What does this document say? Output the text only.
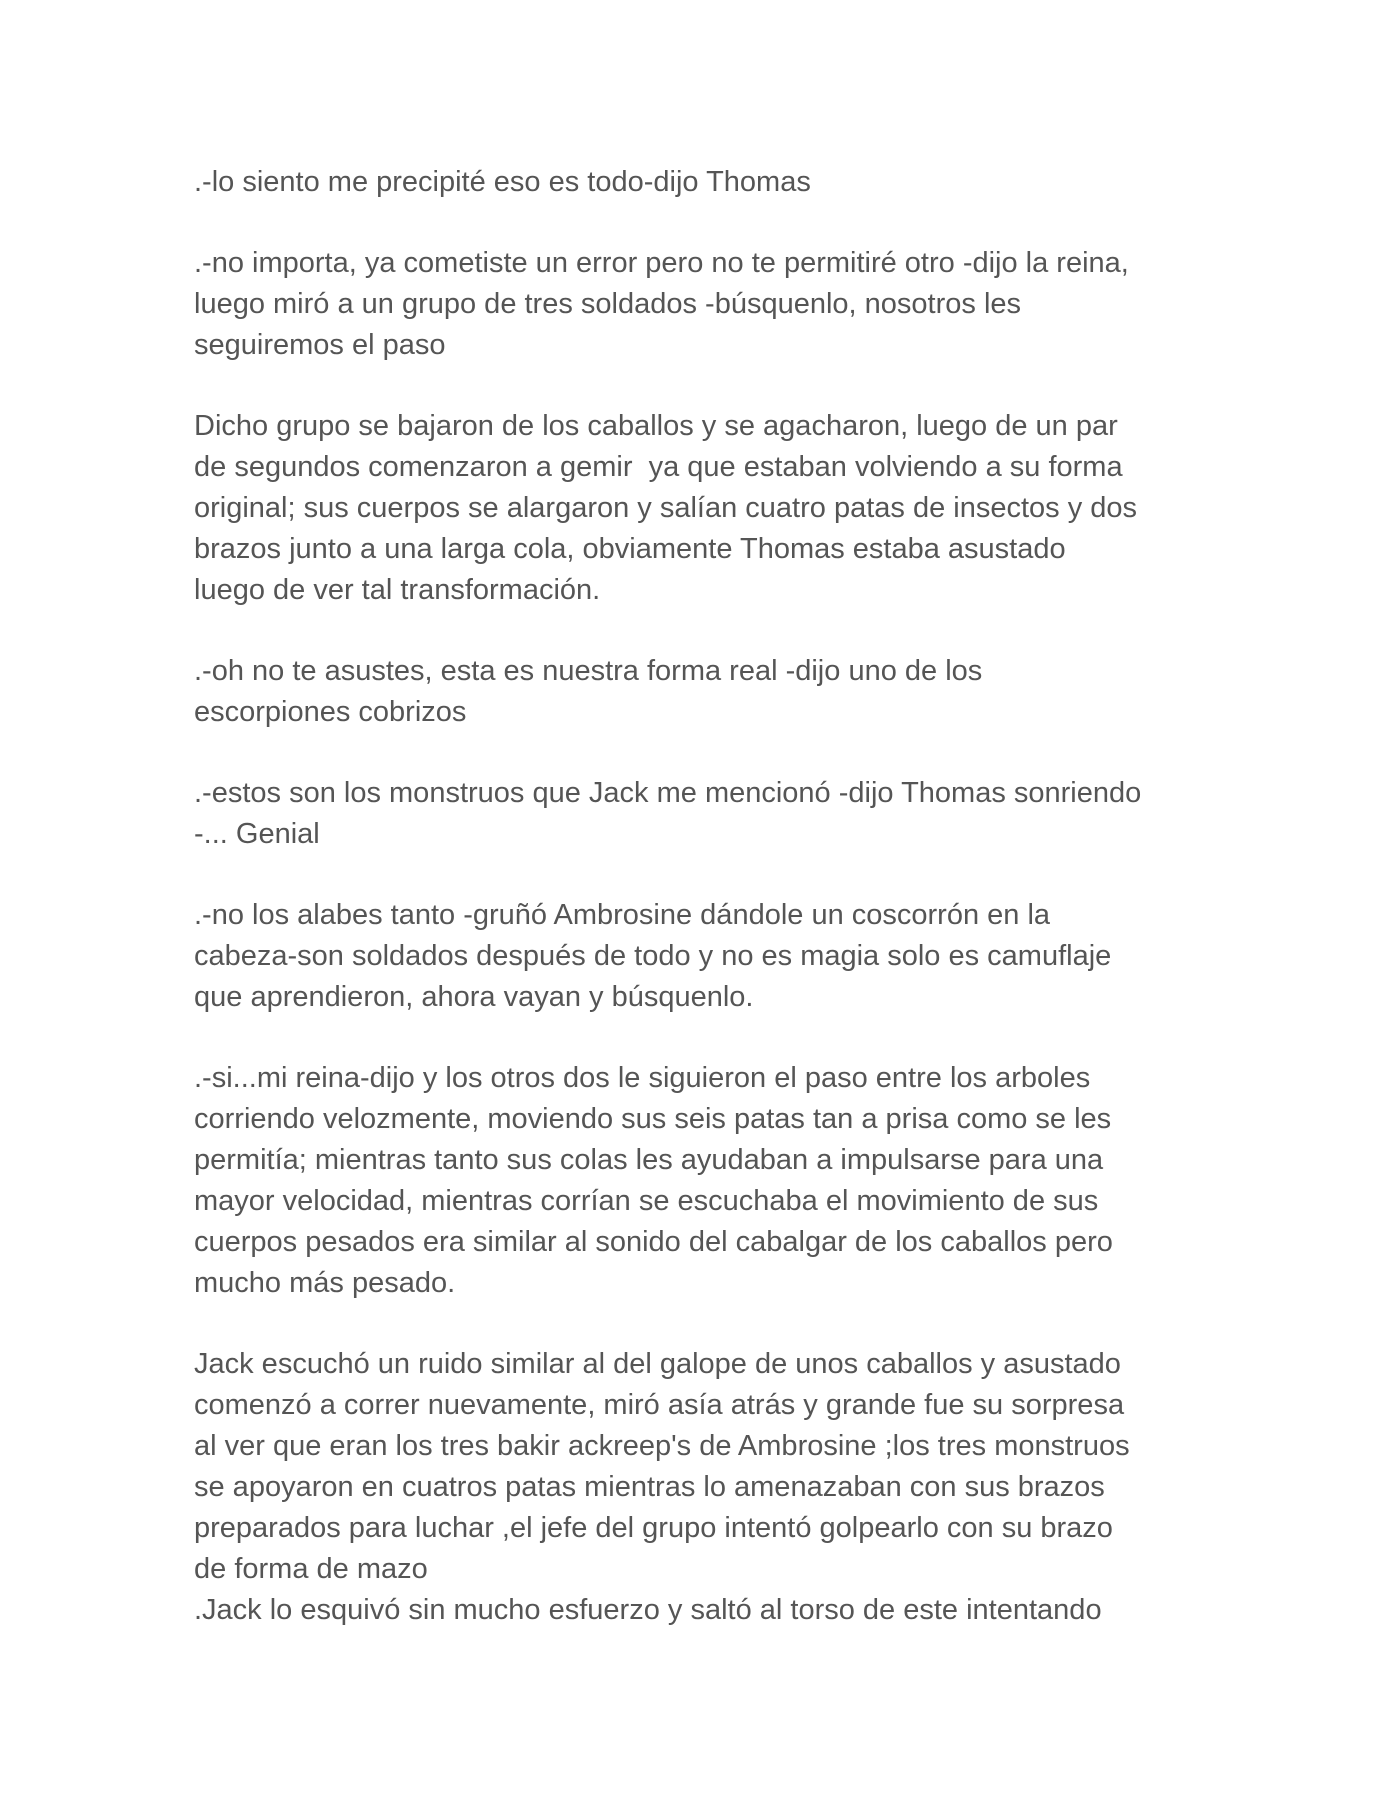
.-lo siento me precipité eso es todo-dijo Thomas
.-no importa, ya cometiste un error pero no te permitiré otro -dijo la reina,
luego miró a un grupo de tres soldados -búsquenlo, nosotros les
seguiremos el paso
Dicho grupo se bajaron de los caballos y se agacharon, luego de un par
de segundos comenzaron a gemir  ya que estaban volviendo a su forma
original; sus cuerpos se alargaron y salían cuatro patas de insectos y dos
brazos junto a una larga cola, obviamente Thomas estaba asustado
luego de ver tal transformación.
.-oh no te asustes, esta es nuestra forma real -dijo uno de los
escorpiones cobrizos
.-estos son los monstruos que Jack me mencionó -dijo Thomas sonriendo
-... Genial
.-no los alabes tanto -gruñó Ambrosine dándole un coscorrón en la
cabeza-son soldados después de todo y no es magia solo es camuflaje
que aprendieron, ahora vayan y búsquenlo.
.-si...mi reina-dijo y los otros dos le siguieron el paso entre los arboles
corriendo velozmente, moviendo sus seis patas tan a prisa como se les
permitía; mientras tanto sus colas les ayudaban a impulsarse para una
mayor velocidad, mientras corrían se escuchaba el movimiento de sus
cuerpos pesados era similar al sonido del cabalgar de los caballos pero
mucho más pesado.
Jack escuchó un ruido similar al del galope de unos caballos y asustado
comenzó a correr nuevamente, miró asía atrás y grande fue su sorpresa
al ver que eran los tres bakir ackreep's de Ambrosine ;los tres monstruos
se apoyaron en cuatros patas mientras lo amenazaban con sus brazos
preparados para luchar ,el jefe del grupo intentó golpearlo con su brazo
de forma de mazo
.Jack lo esquivó sin mucho esfuerzo y saltó al torso de este intentando
